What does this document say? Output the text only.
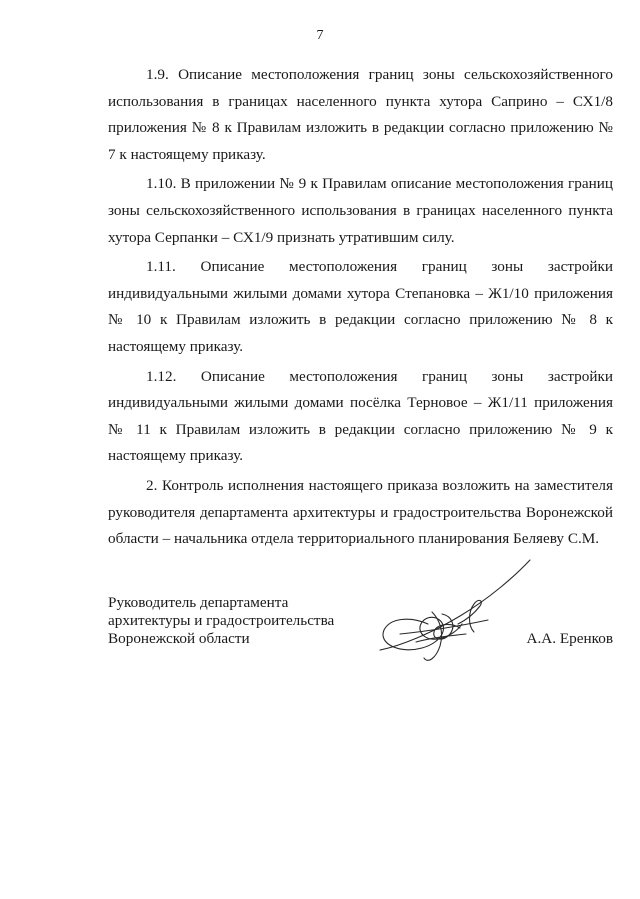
7

1.9. Описание местоположения границ зоны сельскохозяйственного использования в границах населенного пункта хутора Саприно – СХ1/8 приложения № 8 к Правилам изложить в редакции согласно приложению № 7 к настоящему приказу.

1.10. В приложении № 9 к Правилам описание местоположения границ зоны сельскохозяйственного использования в границах населенного пункта хутора Серпанки – СХ1/9 признать утратившим силу.

1.11. Описание местоположения границ зоны застройки индивидуальными жилыми домами хутора Степановка – Ж1/10 приложения № 10 к Правилам изложить в редакции согласно приложению № 8 к настоящему приказу.

1.12. Описание местоположения границ зоны застройки индивидуальными жилыми домами посёлка Терновое – Ж1/11 приложения № 11 к Правилам изложить в редакции согласно приложению № 9 к настоящему приказу.

2. Контроль исполнения настоящего приказа возложить на заместителя руководителя департамента архитектуры и градостроительства Воронежской области – начальника отдела территориального планирования Беляеву С.М.

Руководитель департамента
архитектуры и градостроительства
Воронежской области	А.А. Еренков
